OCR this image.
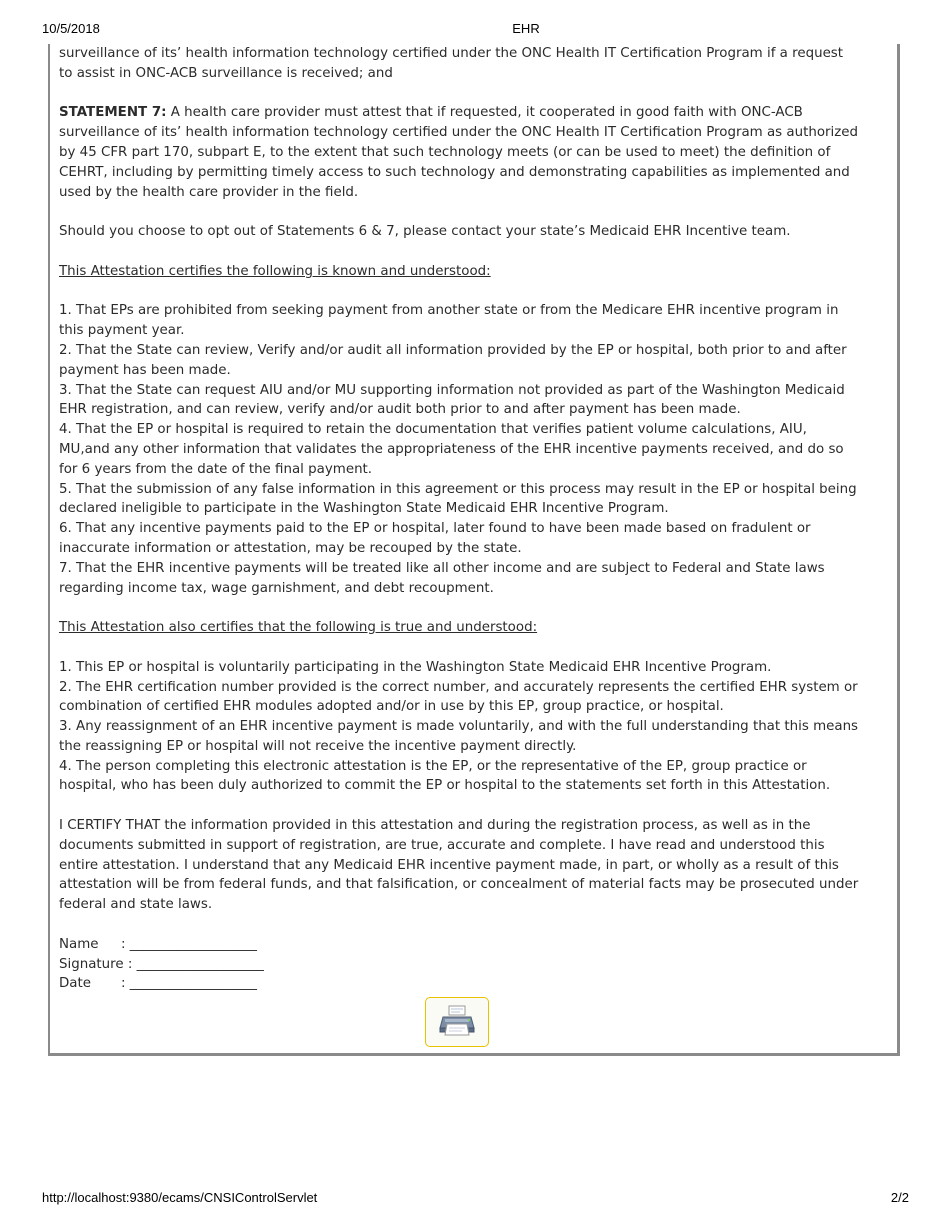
10/5/2018	EHR

surveillance of its’ health information technology certified under the ONC Health IT Certification Program if a request to assist in ONC-ACB surveillance is received; and

STATEMENT 7: A health care provider must attest that if requested, it cooperated in good faith with ONC-ACB surveillance of its’ health information technology certified under the ONC Health IT Certification Program as authorized by 45 CFR part 170, subpart E, to the extent that such technology meets (or can be used to meet) the definition of CEHRT, including by permitting timely access to such technology and demonstrating capabilities as implemented and used by the health care provider in the field.

Should you choose to opt out of Statements 6 & 7, please contact your state’s Medicaid EHR Incentive team.

This Attestation certifies the following is known and understood:

1. That EPs are prohibited from seeking payment from another state or from the Medicare EHR incentive program in this payment year.

2. That the State can review, Verify and/or audit all information provided by the EP or hospital, both prior to and after payment has been made.

3. That the State can request AIU and/or MU supporting information not provided as part of the Washington Medicaid EHR registration, and can review, verify and/or audit both prior to and after payment has been made.

4. That the EP or hospital is required to retain the documentation that verifies patient volume calculations, AIU, MU,and any other information that validates the appropriateness of the EHR incentive payments received, and do so for 6 years from the date of the final payment.

5. That the submission of any false information in this agreement or this process may result in the EP or hospital being declared ineligible to participate in the Washington State Medicaid EHR Incentive Program.

6. That any incentive payments paid to the EP or hospital, later found to have been made based on fradulent or inaccurate information or attestation, may be recouped by the state.

7. That the EHR incentive payments will be treated like all other income and are subject to Federal and State laws regarding income tax, wage garnishment, and debt recoupment.

This Attestation also certifies that the following is true and understood:

1. This EP or hospital is voluntarily participating in the Washington State Medicaid EHR Incentive Program.

2. The EHR certification number provided is the correct number, and accurately represents the certified EHR system or combination of certified EHR modules adopted and/or in use by this EP, group practice, or hospital.

3. Any reassignment of an EHR incentive payment is made voluntarily, and with the full understanding that this means the reassigning EP or hospital will not receive the incentive payment directly.

4. The person completing this electronic attestation is the EP, or the representative of the EP, group practice or hospital, who has been duly authorized to commit the EP or hospital to the statements set forth in this Attestation.

I CERTIFY THAT the information provided in this attestation and during the registration process, as well as in the documents submitted in support of registration, are true, accurate and complete. I have read and understood this entire attestation. I understand that any Medicaid EHR incentive payment made, in part, or wholly as a result of this attestation will be from federal funds, and that falsification, or concealment of material facts may be prosecuted under federal and state laws.

Name	: ___________________
Signature : ___________________
Date	: ___________________
http://localhost:9380/ecams/CNSIControlServlet	2/2
